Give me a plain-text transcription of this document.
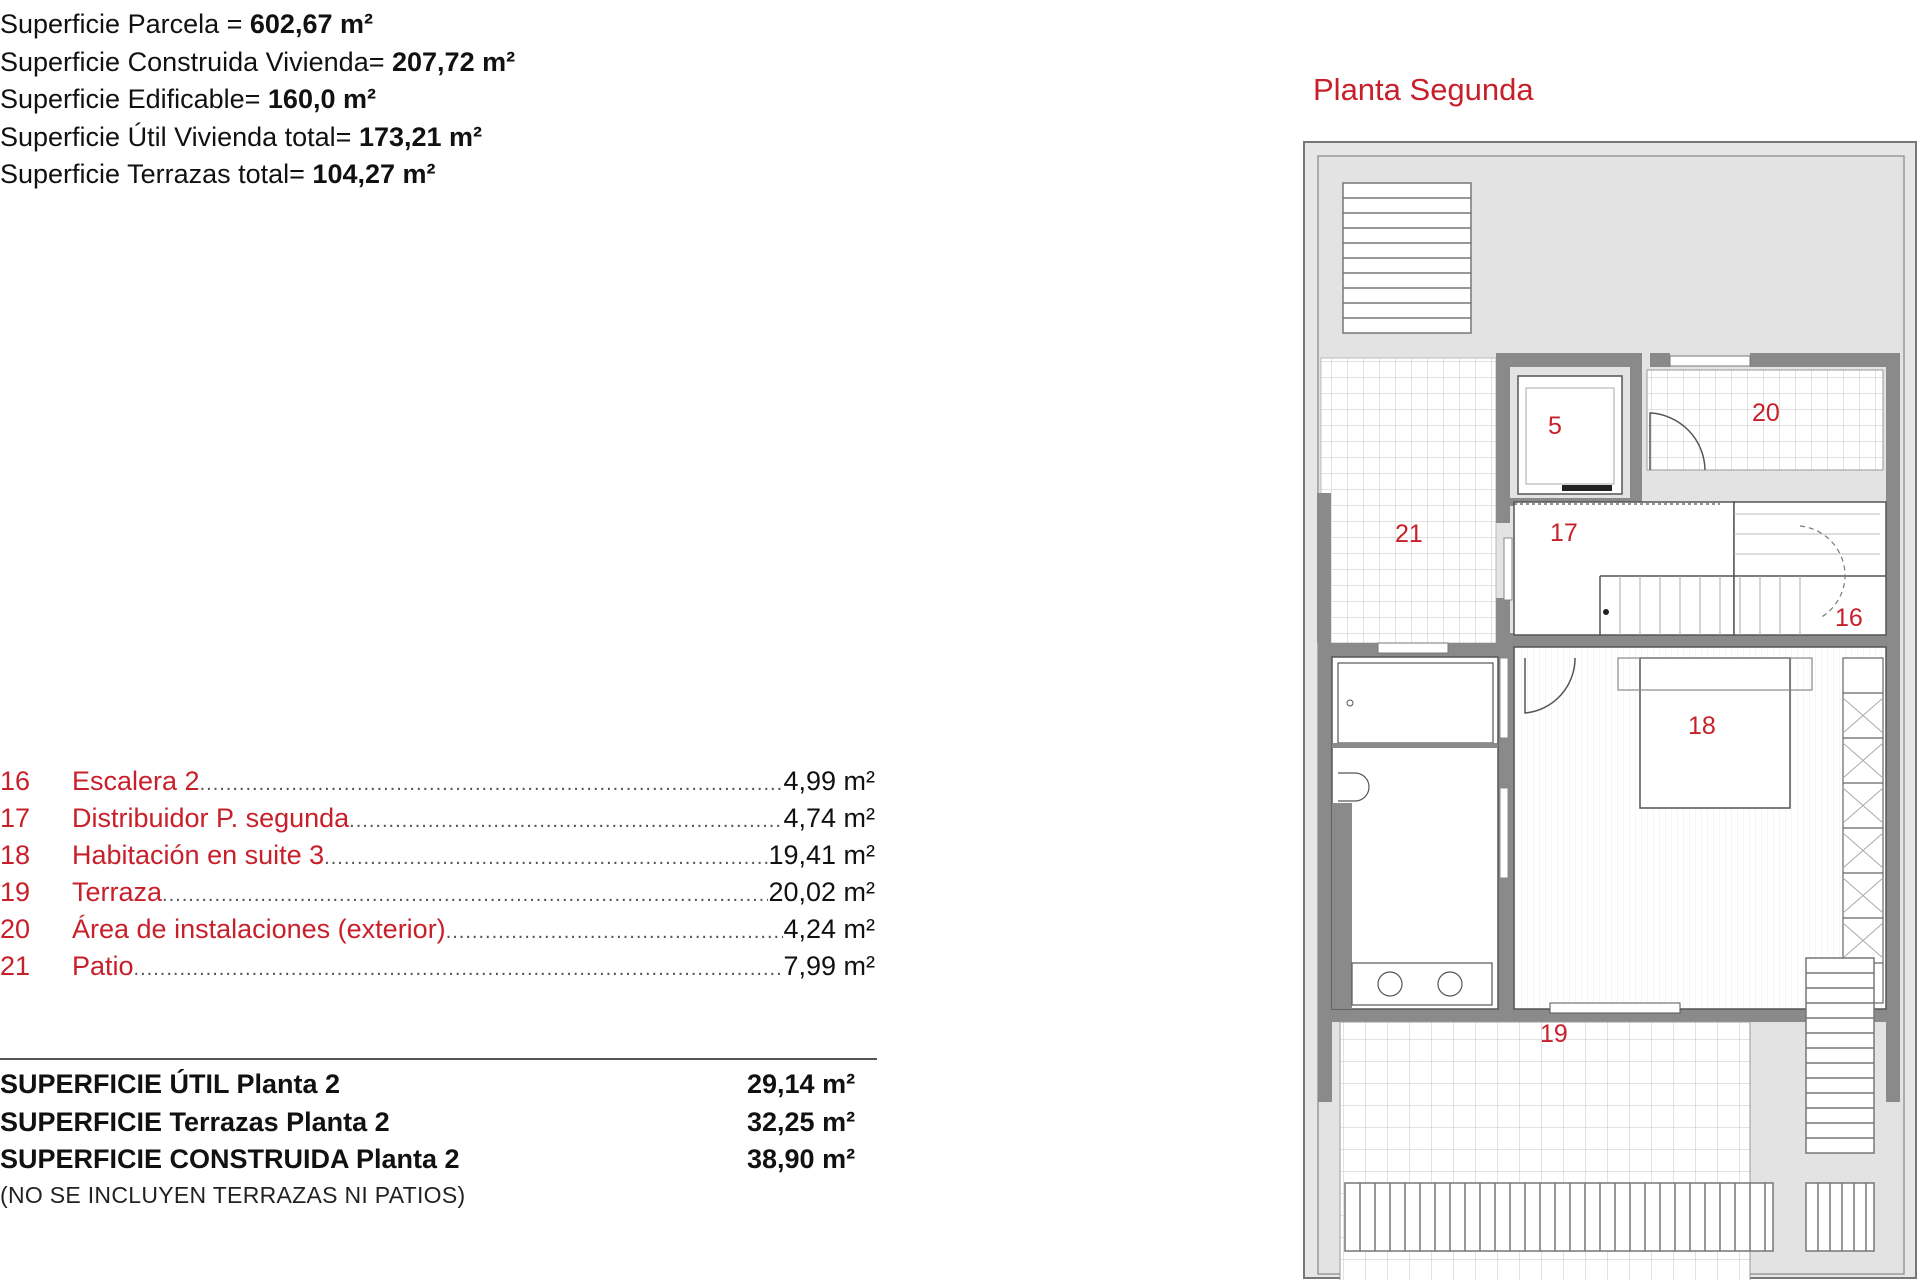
Superficie Parcela = 602,67 m²
Superficie Construida Vivienda= 207,72 m²
Superficie Edificable= 160,0 m²
Superficie Útil Vivienda total= 173,21 m²
Superficie Terrazas total= 104,27 m²
16	Escalera 2 .....	4,99 m²
17	Distribuidor P. segunda .....	4,74 m²
18	Habitación en suite 3 .....	19,41 m²
19	Terraza .....	20,02 m²
20	Área de instalaciones (exterior) .....	4,24 m²
21	Patio .....	7,99 m²
SUPERFICIE ÚTIL Planta 2	29,14 m²
SUPERFICIE Terrazas Planta 2	32,25 m²
SUPERFICIE CONSTRUIDA Planta 2	38,90 m²
(NO SE INCLUYEN TERRAZAS NI PATIOS)
Planta Segunda
5	20
21	17
16
18
19
